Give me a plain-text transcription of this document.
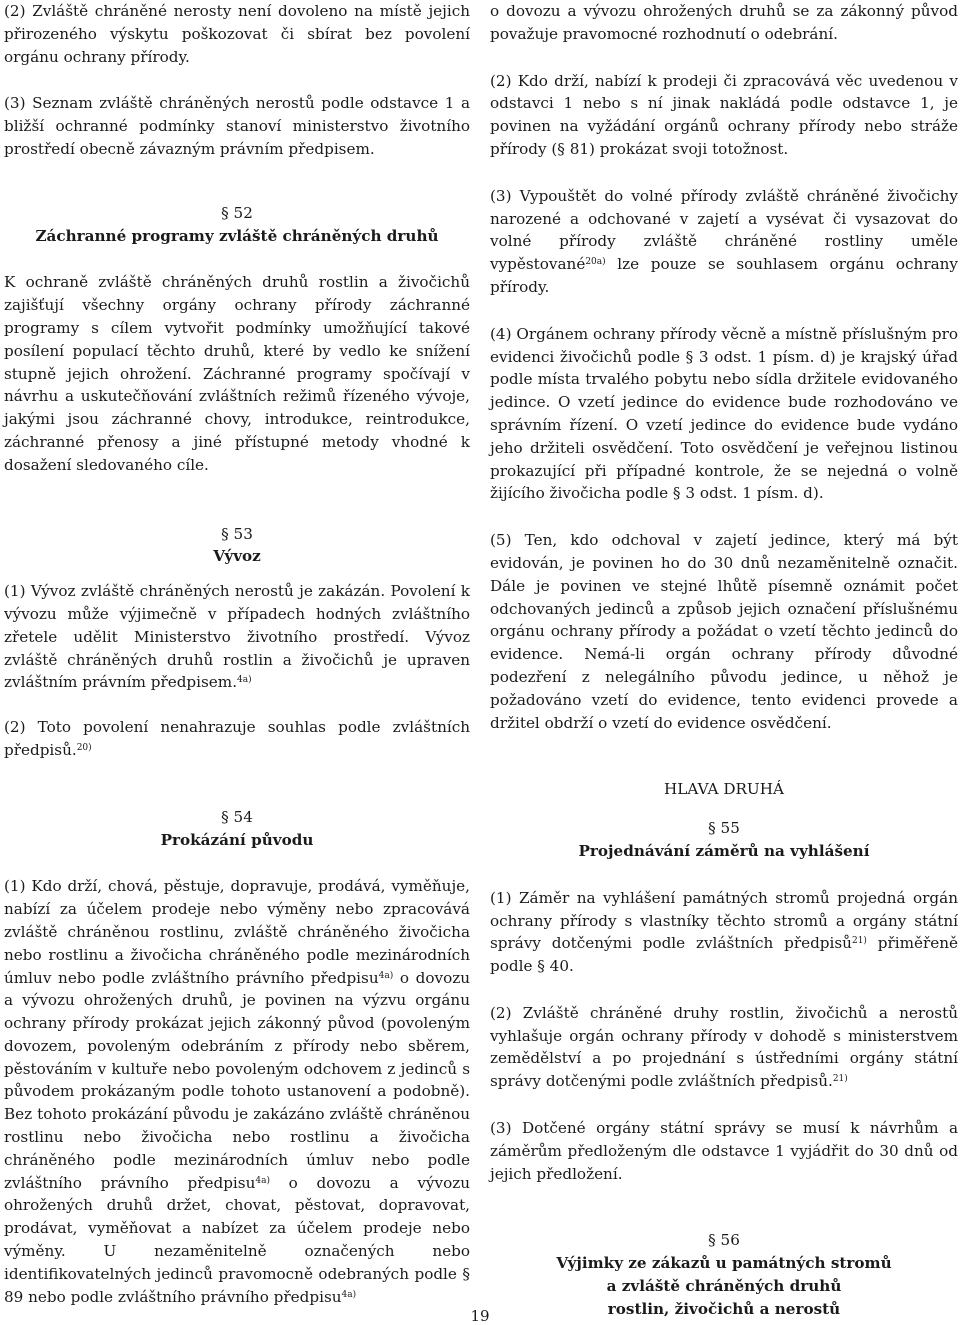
(2) Zvláště chráněné nerosty není dovoleno na místě jejich přirozeného výskytu poškozovat či sbírat bez povolení orgánu ochrany přírody.

(3) Seznam zvláště chráněných nerostů podle odstavce 1 a bližší ochranné podmínky stanoví ministerstvo životního prostředí obecně závazným právním předpisem.

§ 52
Záchranné programy zvláště chráněných druhů

K ochraně zvláště chráněných druhů rostlin a živočichů zajišťují všechny orgány ochrany přírody záchranné programy s cílem vytvořit podmínky umožňující takové posílení populací těchto druhů, které by vedlo ke snížení stupně jejich ohrožení. Záchranné programy spočívají v návrhu a uskutečňování zvláštních režimů řízeného vývoje, jakými jsou záchranné chovy, introdukce, reintrodukce, záchranné přenosy a jiné přístupné metody vhodné k dosažení sledovaného cíle.

§ 53
Vývoz

(1) Vývoz zvláště chráněných nerostů je zakázán. Povolení k vývozu může výjimečně v případech hodných zvláštního zřetele udělit Ministerstvo životního prostředí. Vývoz zvláště chráněných druhů rostlin a živočichů je upraven zvláštním právním předpisem.$^{4a)}$

(2) Toto povolení nenahrazuje souhlas podle zvláštních předpisů.$^{20)}$

§ 54
Prokázání původu

(1) Kdo drží, chová, pěstuje, dopravuje, prodává, vyměňuje, nabízí za účelem prodeje nebo výměny nebo zpracovává zvláště chráněnou rostlinu, zvláště chráněného živočicha nebo rostlinu a živočicha chráněného podle mezinárodních úmluv nebo podle zvláštního právního předpisu$^{4a)}$ o dovozu a vývozu ohrožených druhů, je povinen na výzvu orgánu ochrany přírody prokázat jejich zákonný původ (povoleným dovozem, povoleným odebráním z přírody nebo sběrem, pěstováním v kultuře nebo povoleným odchovem z jedinců s původem prokázaným podle tohoto ustanovení a podobně). Bez tohoto prokázání původu je zakázáno zvláště chráněnou rostlinu nebo živočicha nebo rostlinu a živočicha chráněného podle mezinárodních úmluv nebo podle zvláštního právního předpisu$^{4a)}$ o dovozu a vývozu ohrožených druhů držet, chovat, pěstovat, dopravovat, prodávat, vyměňovat a nabízet za účelem prodeje nebo výměny. U nezaměnitelně označených nebo identifikovatelných jedinců pravomocně odebraných podle § 89 nebo podle zvláštního právního předpisu$^{4a)}$

o dovozu a vývozu ohrožených druhů se za zákonný původ považuje pravomocné rozhodnutí o odebrání.

(2) Kdo drží, nabízí k prodeji či zpracovává věc uvedenou v odstavci 1 nebo s ní jinak nakládá podle odstavce 1, je povinen na vyžádání orgánů ochrany přírody nebo stráže přírody (§ 81) prokázat svoji totožnost.

(3) Vypouštět do volné přírody zvláště chráněné živočichy narozené a odchované v zajetí a vysévat či vysazovat do volné přírody zvláště chráněné rostliny uměle vypěstované$^{20a)}$ lze pouze se souhlasem orgánu ochrany přírody.

(4) Orgánem ochrany přírody věcně a místně příslušným pro evidenci živočichů podle § 3 odst. 1 písm. d) je krajský úřad podle místa trvalého pobytu nebo sídla držitele evidovaného jedince. O vzetí jedince do evidence bude rozhodováno ve správním řízení. O vzetí jedince do evidence bude vydáno jeho držiteli osvědčení. Toto osvědčení je veřejnou listinou prokazující při případné kontrole, že se nejedná o volně žijícího živočicha podle § 3 odst. 1 písm. d).

(5) Ten, kdo odchoval v zajetí jedince, který má být evidován, je povinen ho do 30 dnů nezaměnitelně označit. Dále je povinen ve stejné lhůtě písemně oznámit počet odchovaných jedinců a způsob jejich označení příslušnému orgánu ochrany přírody a požádat o vzetí těchto jedinců do evidence. Nemá-li orgán ochrany přírody důvodné podezření z nelegálního původu jedince, u něhož je požadováno vzetí do evidence, tento evidenci provede a držitel obdrží o vzetí do evidence osvědčení.

HLAVA DRUHÁ
§ 55
Projednávání záměrů na vyhlášení

(1) Záměr na vyhlášení památných stromů projedná orgán ochrany přírody s vlastníky těchto stromů a orgány státní správy dotčenými podle zvláštních předpisů$^{21)}$ přiměřeně podle § 40.

(2) Zvláště chráněné druhy rostlin, živočichů a nerostů vyhlašuje orgán ochrany přírody v dohodě s ministerstvem zemědělství a po projednání s ústředními orgány státní správy dotčenými podle zvláštních předpisů.$^{21)}$

(3) Dotčené orgány státní správy se musí k návrhům a záměrům předloženým dle odstavce 1 vyjádřit do 30 dnů od jejich předložení.

§ 56
Výjimky ze zákazů u památných stromů
a zvláště chráněných druhů
rostlin, živočichů a nerostů
19
